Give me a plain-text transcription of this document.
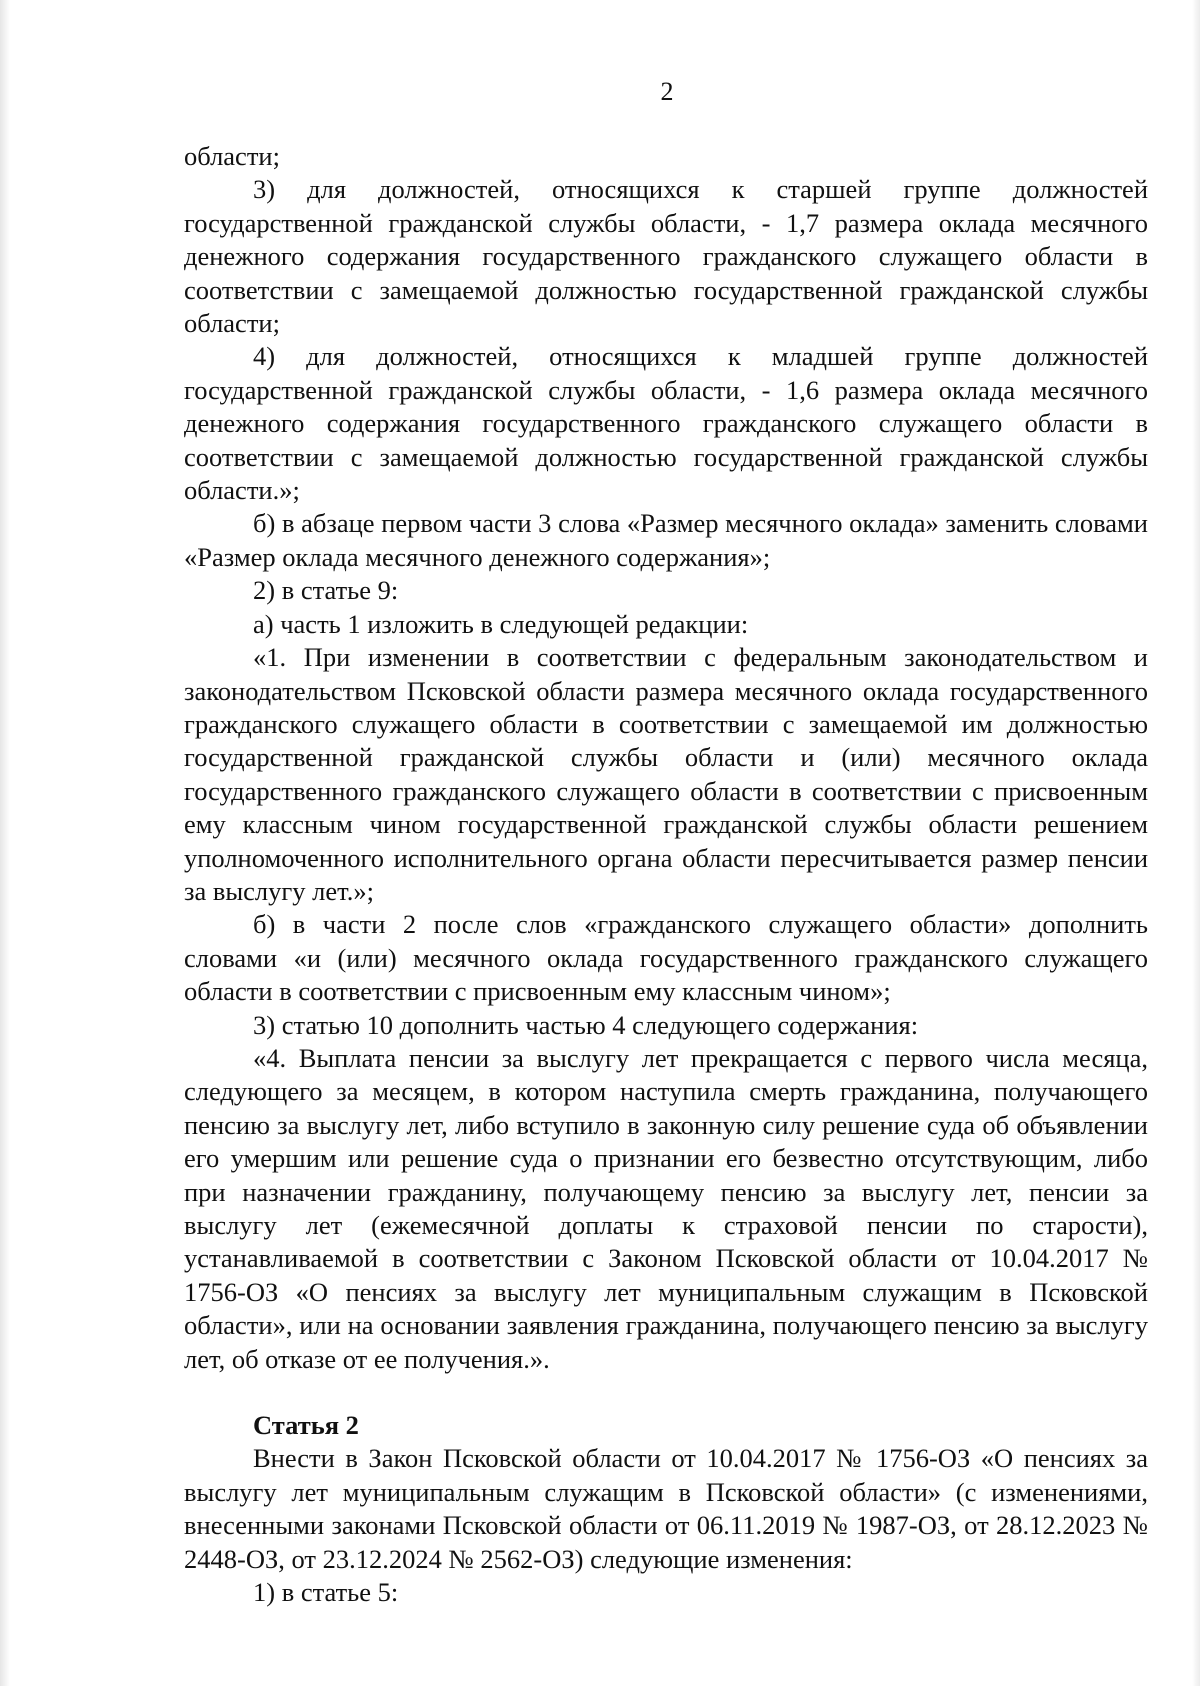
2

области;

3) для должностей, относящихся к старшей группе должностей государственной гражданской службы области, - 1,7 размера оклада месячного денежного содержания государственного гражданского служащего области в соответствии с замещаемой должностью государственной гражданской службы области;

4) для должностей, относящихся к младшей группе должностей государственной гражданской службы области, - 1,6 размера оклада месячного денежного содержания государственного гражданского служащего области в соответствии с замещаемой должностью государственной гражданской службы области.»;

б) в абзаце первом части 3 слова «Размер месячного оклада» заменить словами «Размер оклада месячного денежного содержания»;

2) в статье 9:

а) часть 1 изложить в следующей редакции:

«1. При изменении в соответствии с федеральным законодательством и законодательством Псковской области размера месячного оклада государственного гражданского служащего области в соответствии с замещаемой им должностью государственной гражданской службы области и (или) месячного оклада государственного гражданского служащего области в соответствии с присвоенным ему классным чином государственной гражданской службы области решением уполномоченного исполнительного органа области пересчитывается размер пенсии за выслугу лет.»;

б) в части 2 после слов «гражданского служащего области» дополнить словами «и (или) месячного оклада государственного гражданского служащего области в соответствии с присвоенным ему классным чином»;

3) статью 10 дополнить частью 4 следующего содержания:

«4. Выплата пенсии за выслугу лет прекращается с первого числа месяца, следующего за месяцем, в котором наступила смерть гражданина, получающего пенсию за выслугу лет, либо вступило в законную силу решение суда об объявлении его умершим или решение суда о признании его безвестно отсутствующим, либо при назначении гражданину, получающему пенсию за выслугу лет, пенсии за выслугу лет (ежемесячной доплаты к страховой пенсии по старости), устанавливаемой в соответствии с Законом Псковской области от 10.04.2017 № 1756-ОЗ «О пенсиях за выслугу лет муниципальным служащим в Псковской области», или на основании заявления гражданина, получающего пенсию за выслугу лет, об отказе от ее получения.».

Статья 2

Внести в Закон Псковской области от 10.04.2017 № 1756-ОЗ «О пенсиях за выслугу лет муниципальным служащим в Псковской области» (с изменениями, внесенными законами Псковской области от 06.11.2019 № 1987-ОЗ, от 28.12.2023 № 2448-ОЗ, от 23.12.2024 № 2562-ОЗ) следующие изменения:

1) в статье 5:
